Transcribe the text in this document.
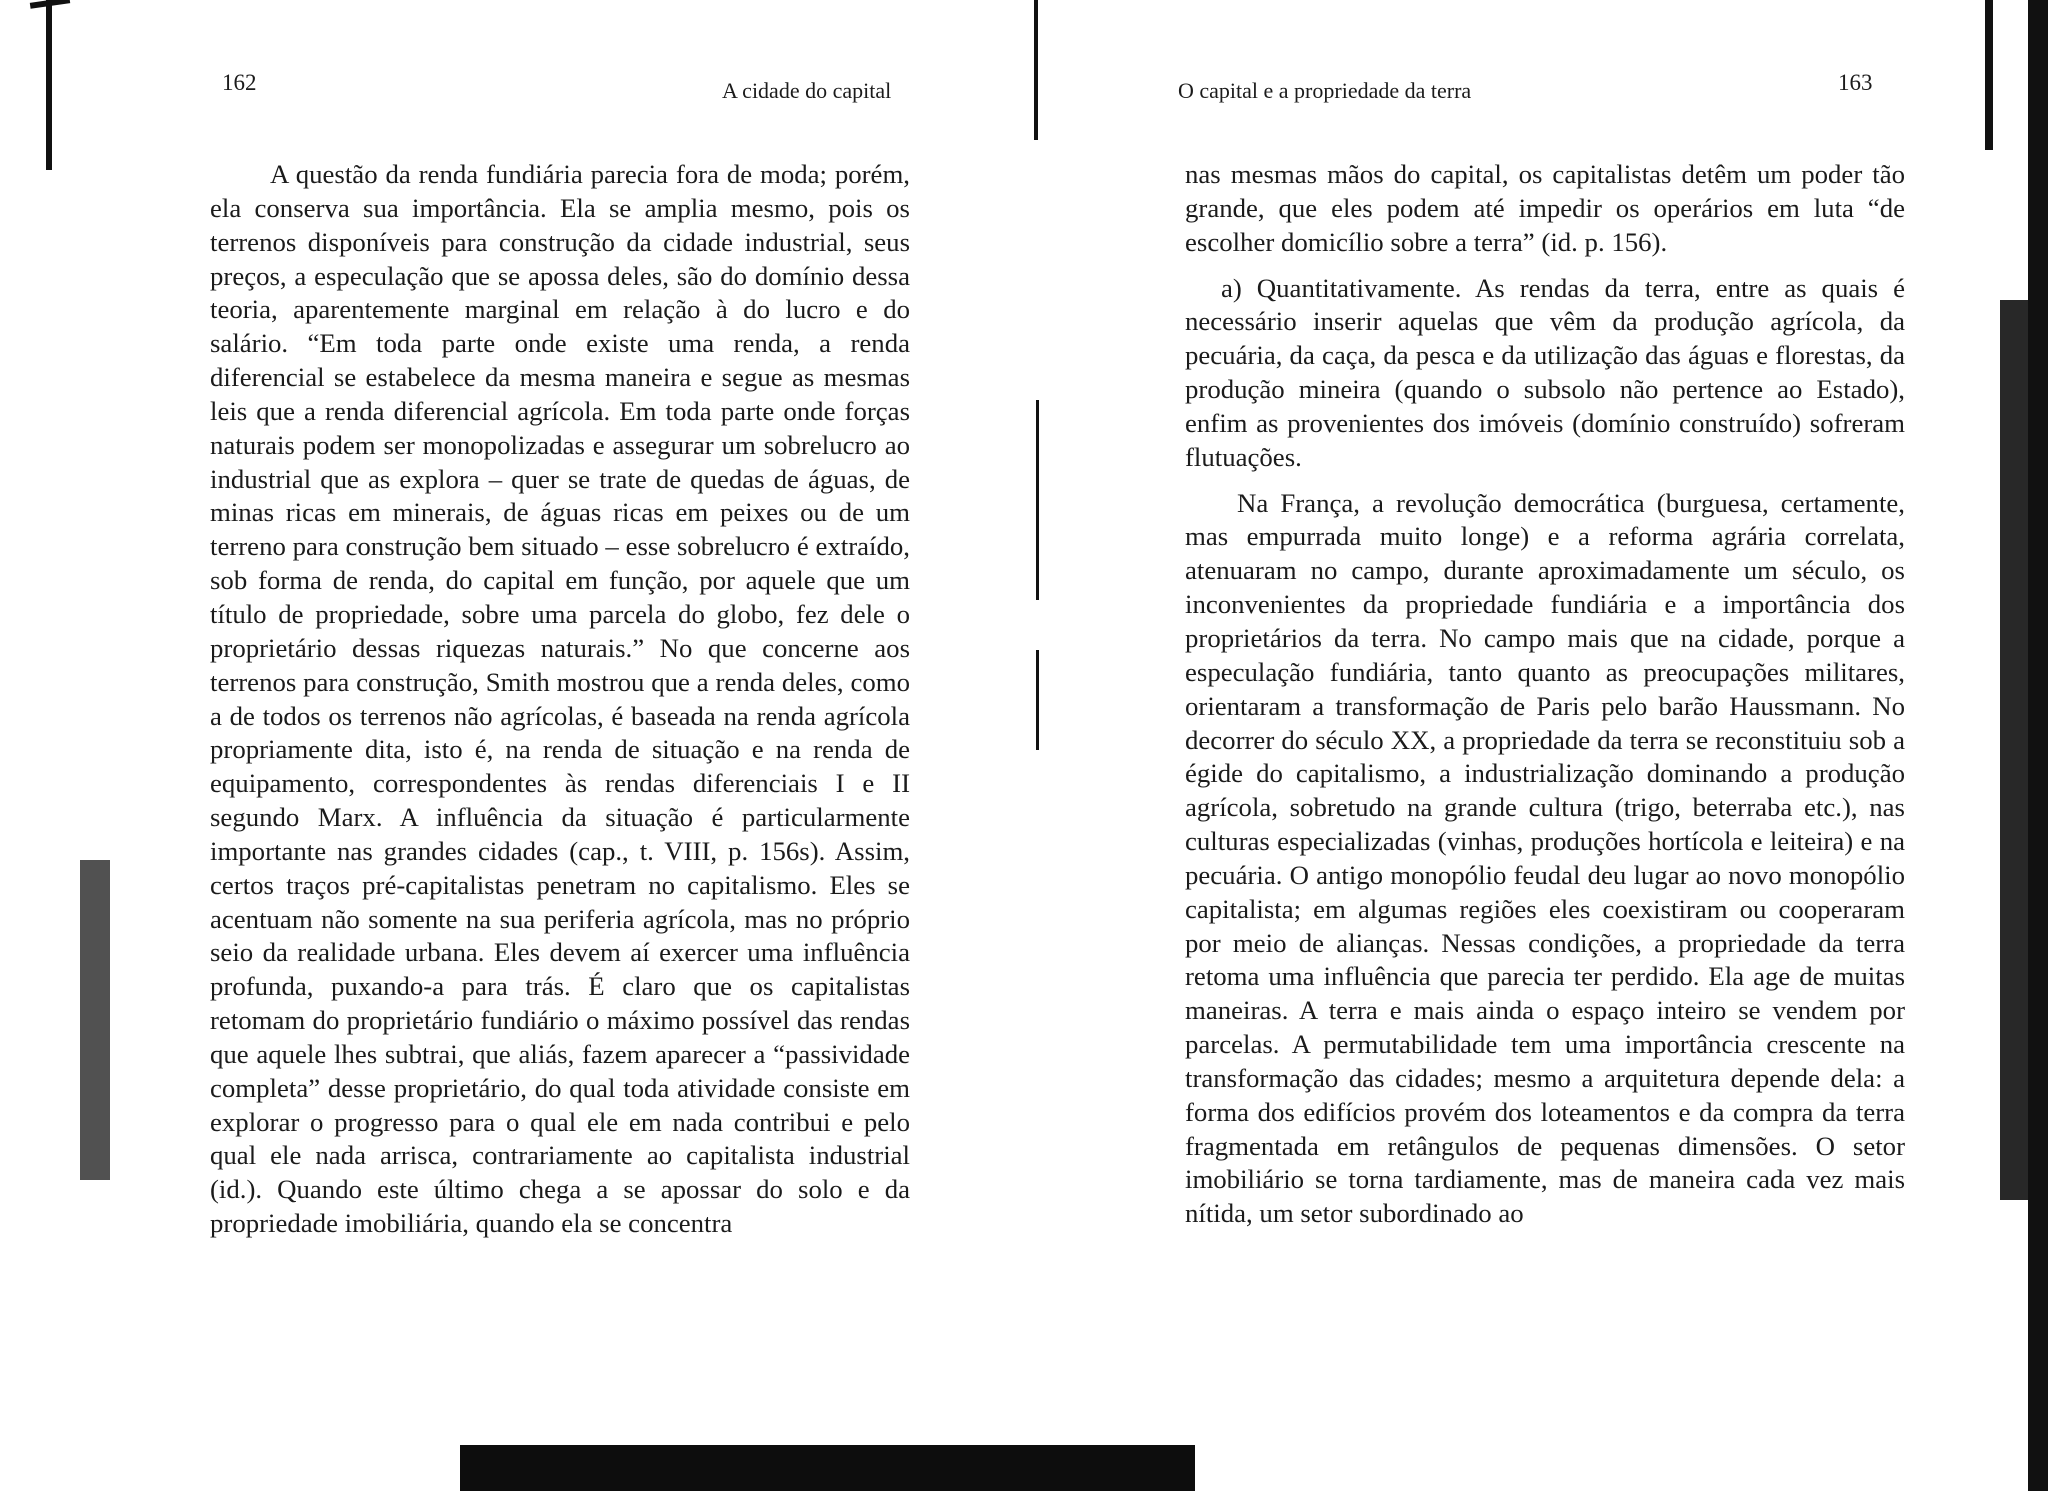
162	A cidade do capital

A questão da renda fundiária parecia fora de moda; porém, ela conserva sua importância. Ela se amplia mesmo, pois os terrenos disponíveis para construção da cidade industrial, seus preços, a especulação que se apossa deles, são do domínio dessa teoria, aparentemente marginal em relação à do lucro e do salário. “Em toda parte onde existe uma renda, a renda diferencial se estabelece da mesma maneira e segue as mesmas leis que a renda diferencial agrícola. Em toda parte onde forças naturais podem ser monopolizadas e assegurar um sobrelucro ao industrial que as explora – quer se trate de quedas de águas, de minas ricas em minerais, de águas ricas em peixes ou de um terreno para construção bem situado – esse sobrelucro é extraído, sob forma de renda, do capital em função, por aquele que um título de propriedade, sobre uma parcela do globo, fez dele o proprietário dessas riquezas naturais.” No que concerne aos terrenos para construção, Smith mostrou que a renda deles, como a de todos os terrenos não agrícolas, é baseada na renda agrícola propriamente dita, isto é, na renda de situação e na renda de equipamento, correspondentes às rendas diferenciais I e II segundo Marx. A influência da situação é particularmente importante nas grandes cidades (cap., t. VIII, p. 156s). Assim, certos traços pré-capitalistas penetram no capitalismo. Eles se acentuam não somente na sua periferia agrícola, mas no próprio seio da realidade urbana. Eles devem aí exercer uma influência profunda, puxando-a para trás. É claro que os capitalistas retomam do proprietário fundiário o máximo possível das rendas que aquele lhes subtrai, que aliás, fazem aparecer a “passividade completa” desse proprietário, do qual toda atividade consiste em explorar o progresso para o qual ele em nada contribui e pelo qual ele nada arrisca, contrariamente ao capitalista industrial (id.). Quando este último chega a se apossar do solo e da propriedade imobiliária, quando ela se concentra

O capital e a propriedade da terra	163

nas mesmas mãos do capital, os capitalistas detêm um poder tão grande, que eles podem até impedir os operários em luta “de escolher domicílio sobre a terra” (id. p. 156).

a) Quantitativamente. As rendas da terra, entre as quais é necessário inserir aquelas que vêm da produção agrícola, da pecuária, da caça, da pesca e da utilização das águas e florestas, da produção mineira (quando o subsolo não pertence ao Estado), enfim as provenientes dos imóveis (domínio construído) sofreram flutuações.

Na França, a revolução democrática (burguesa, certamente, mas empurrada muito longe) e a reforma agrária correlata, atenuaram no campo, durante aproximadamente um século, os inconvenientes da propriedade fundiária e a importância dos proprietários da terra. No campo mais que na cidade, porque a especulação fundiária, tanto quanto as preocupações militares, orientaram a transformação de Paris pelo barão Haussmann. No decorrer do século XX, a propriedade da terra se reconstituiu sob a égide do capitalismo, a industrialização dominando a produção agrícola, sobretudo na grande cultura (trigo, beterraba etc.), nas culturas especializadas (vinhas, produções hortícola e leiteira) e na pecuária. O antigo monopólio feudal deu lugar ao novo monopólio capitalista; em algumas regiões eles coexistiram ou cooperaram por meio de alianças. Nessas condições, a propriedade da terra retoma uma influência que parecia ter perdido. Ela age de muitas maneiras. A terra e mais ainda o espaço inteiro se vendem por parcelas. A permutabilidade tem uma importância crescente na transformação das cidades; mesmo a arquitetura depende dela: a forma dos edifícios provém dos loteamentos e da compra da terra fragmentada em retângulos de pequenas dimensões. O setor imobiliário se torna tardiamente, mas de maneira cada vez mais nítida, um setor subordinado ao
